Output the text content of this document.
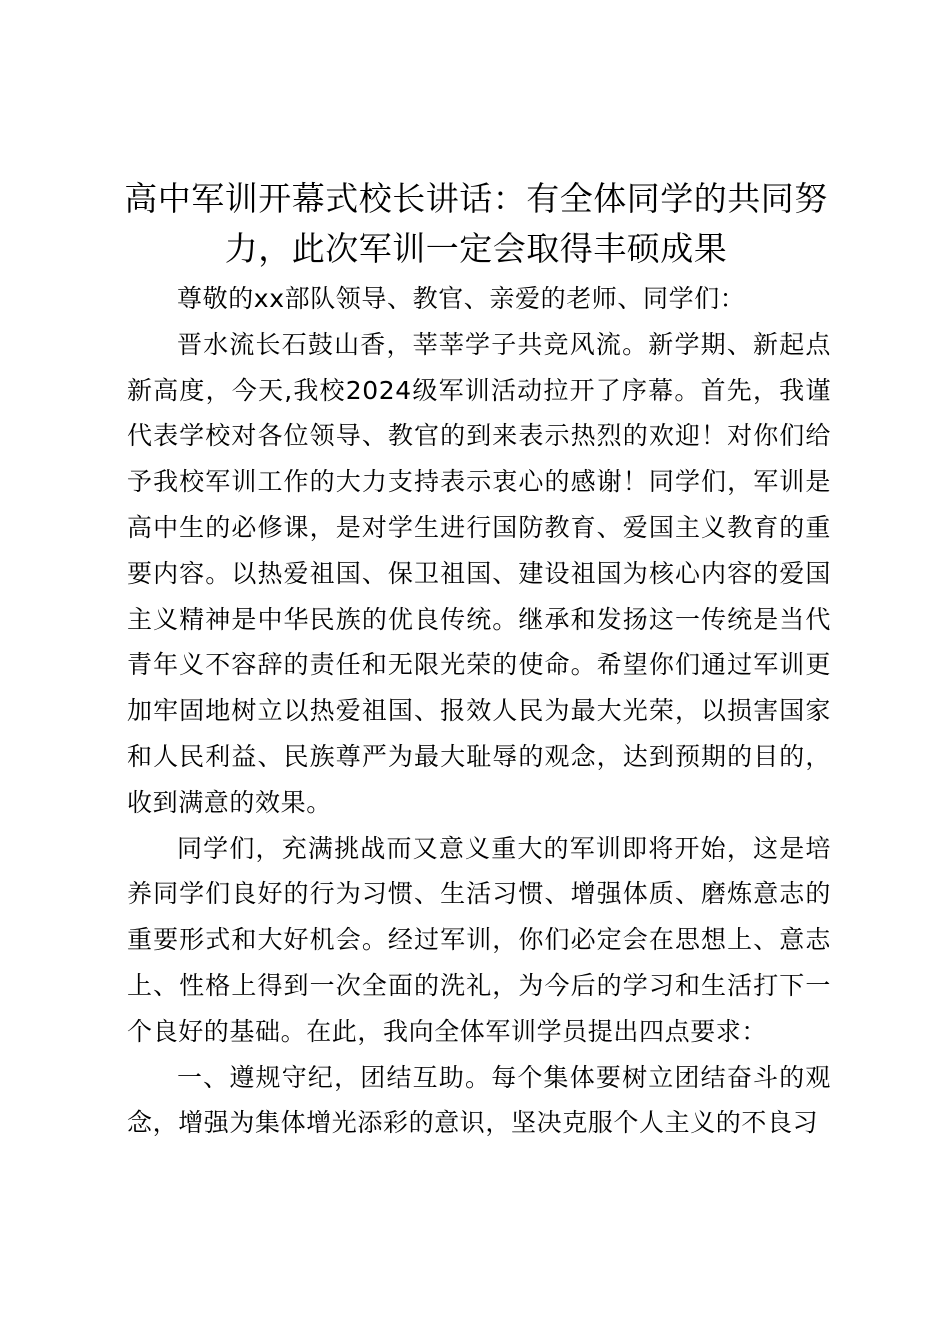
高中军训开幕式校长讲话：有全体同学的共同努力，此次军训一定会取得丰硕成果

尊敬的xx部队领导、教官、亲爱的老师、同学们：

晋水流长石鼓山香，莘莘学子共竞风流。新学期、新起点新高度，今天,我校2024级军训活动拉开了序幕。首先，我谨代表学校对各位领导、教官的到来表示热烈的欢迎！对你们给予我校军训工作的大力支持表示衷心的感谢！同学们，军训是高中生的必修课，是对学生进行国防教育、爱国主义教育的重要内容。以热爱祖国、保卫祖国、建设祖国为核心内容的爱国主义精神是中华民族的优良传统。继承和发扬这一传统是当代青年义不容辞的责任和无限光荣的使命。希望你们通过军训更加牢固地树立以热爱祖国、报效人民为最大光荣，以损害国家和人民利益、民族尊严为最大耻辱的观念，达到预期的目的，收到满意的效果。

同学们，充满挑战而又意义重大的军训即将开始，这是培养同学们良好的行为习惯、生活习惯、增强体质、磨炼意志的重要形式和大好机会。经过军训，你们必定会在思想上、意志上、性格上得到一次全面的洗礼，为今后的学习和生活打下一个良好的基础。在此，我向全体军训学员提出四点要求：

一、遵规守纪，团结互助。每个集体要树立团结奋斗的观念，增强为集体增光添彩的意识，坚决克服个人主义的不良习
